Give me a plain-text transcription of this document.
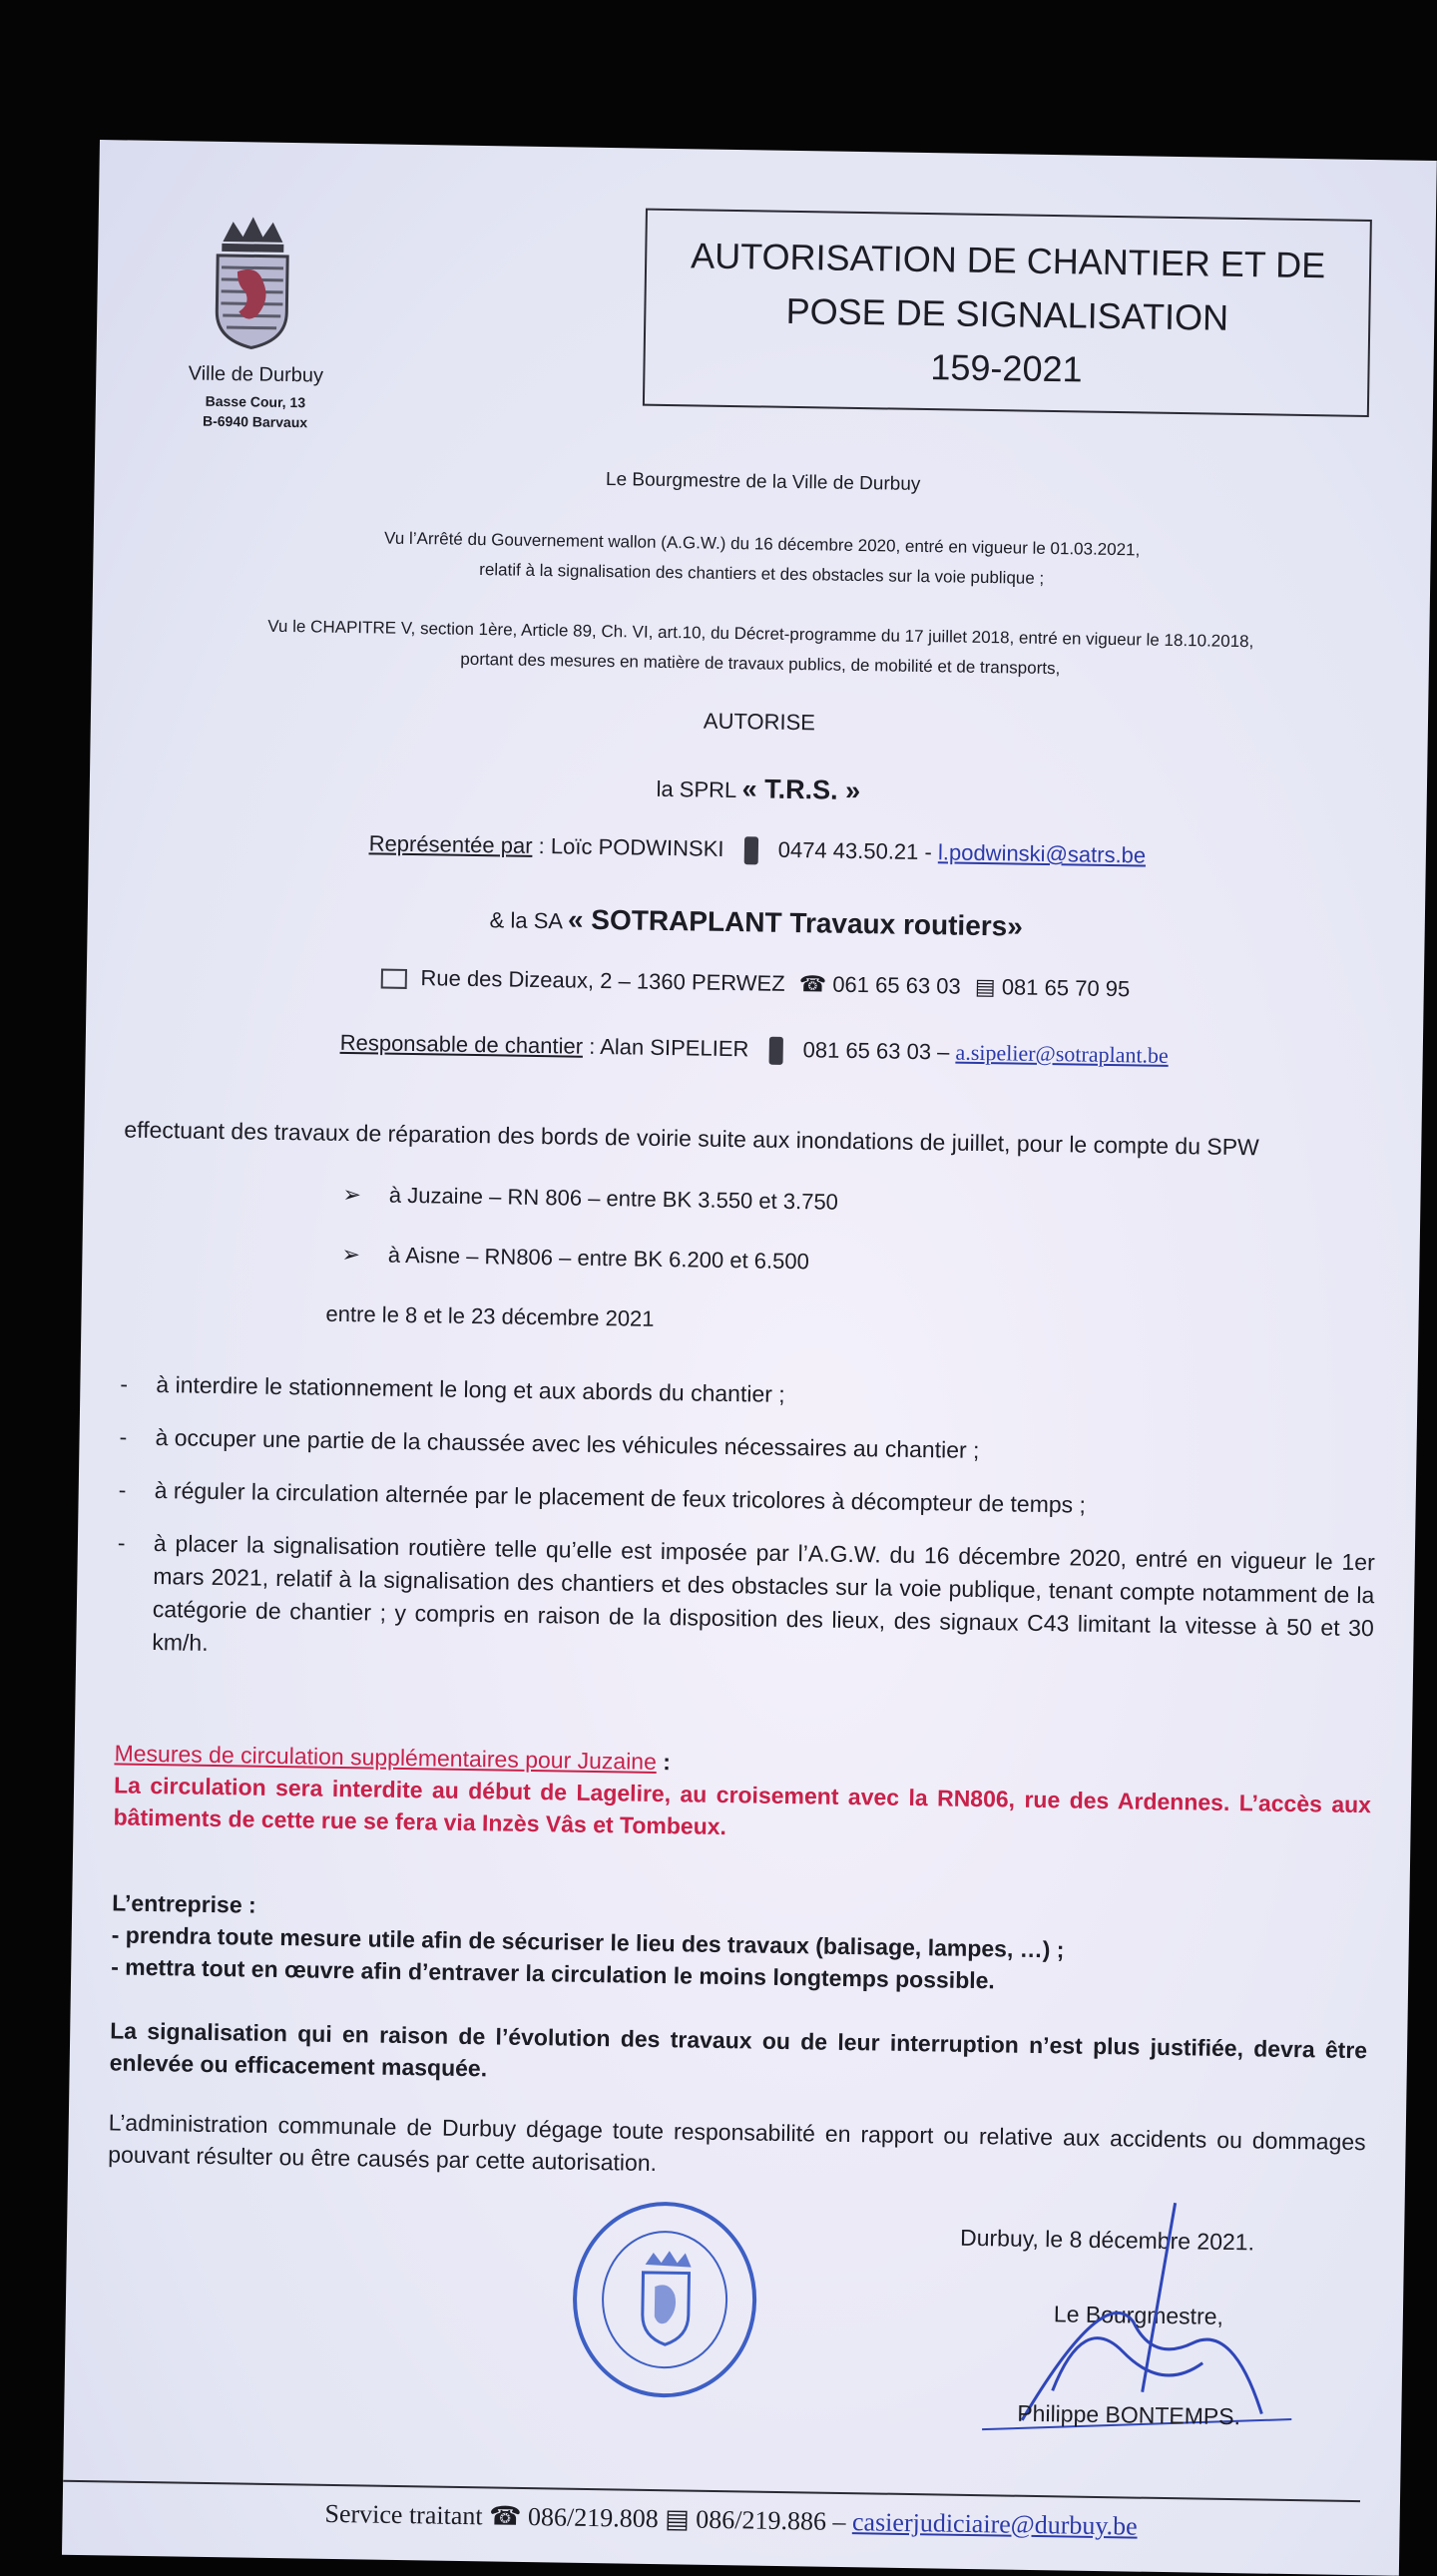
Ville de Durbuy
Basse Cour, 13
B-6940 Barvaux
AUTORISATION DE CHANTIER ET DE
POSE DE SIGNALISATION
159-2021
Le Bourgmestre de la Ville de Durbuy
Vu l’Arrêté du Gouvernement wallon (A.G.W.) du 16 décembre 2020, entré en vigueur le 01.03.2021,
relatif à la signalisation des chantiers et des obstacles sur la voie publique ;
Vu le CHAPITRE V, section 1ère, Article 89, Ch. VI, art.10, du Décret-programme du 17 juillet 2018, entré en vigueur le 18.10.2018,
portant des mesures en matière de travaux publics, de mobilité et de transports,
AUTORISE
la SPRL « T.R.S. »
Représentée par : Loïc PODWINSKI 0474 43.50.21 - l.podwinski@satrs.be
& la SA « SOTRAPLANT Travaux routiers»
Rue des Dizeaux, 2 – 1360 PERWEZ ☎ 061 65 63 03 ▤ 081 65 70 95
Responsable de chantier : Alan SIPELIER 081 65 63 03 – a.sipelier@sotraplant.be
effectuant des travaux de réparation des bords de voirie suite aux inondations de juillet, pour le compte du SPW
➢ à Juzaine – RN 806 – entre BK 3.550 et 3.750
➢ à Aisne – RN806 – entre BK 6.200 et 6.500
entre le 8 et le 23 décembre 2021
-	à interdire le stationnement le long et aux abords du chantier ;
-	à occuper une partie de la chaussée avec les véhicules nécessaires au chantier ;
-	à réguler la circulation alternée par le placement de feux tricolores à décompteur de temps ;
-	à placer la signalisation routière telle qu’elle est imposée par l’A.G.W. du 16 décembre 2020, entré en vigueur le 1er mars 2021, relatif à la signalisation des chantiers et des obstacles sur la voie publique, tenant compte notamment de la catégorie de chantier ; y compris en raison de la disposition des lieux, des signaux C43 limitant la vitesse à 50 et 30 km/h.
Mesures de circulation supplémentaires pour Juzaine :
La circulation sera interdite au début de Lagelire, au croisement avec la RN806, rue des Ardennes. L’accès aux bâtiments de cette rue se fera via Inzès Vâs et Tombeux.
L’entreprise :
- prendra toute mesure utile afin de sécuriser le lieu des travaux (balisage, lampes, …) ;
- mettra tout en œuvre afin d’entraver la circulation le moins longtemps possible.
La signalisation qui en raison de l’évolution des travaux ou de leur interruption n’est plus justifiée, devra être enlevée ou efficacement masquée.
L’administration communale de Durbuy dégage toute responsabilité en rapport ou relative aux accidents ou dommages pouvant résulter ou être causés par cette autorisation.
Durbuy, le 8 décembre 2021.
Le Bourgmestre,
Philippe BONTEMPS.
Service traitant ☎ 086/219.808 ▤ 086/219.886 – casierjudiciaire@durbuy.be
